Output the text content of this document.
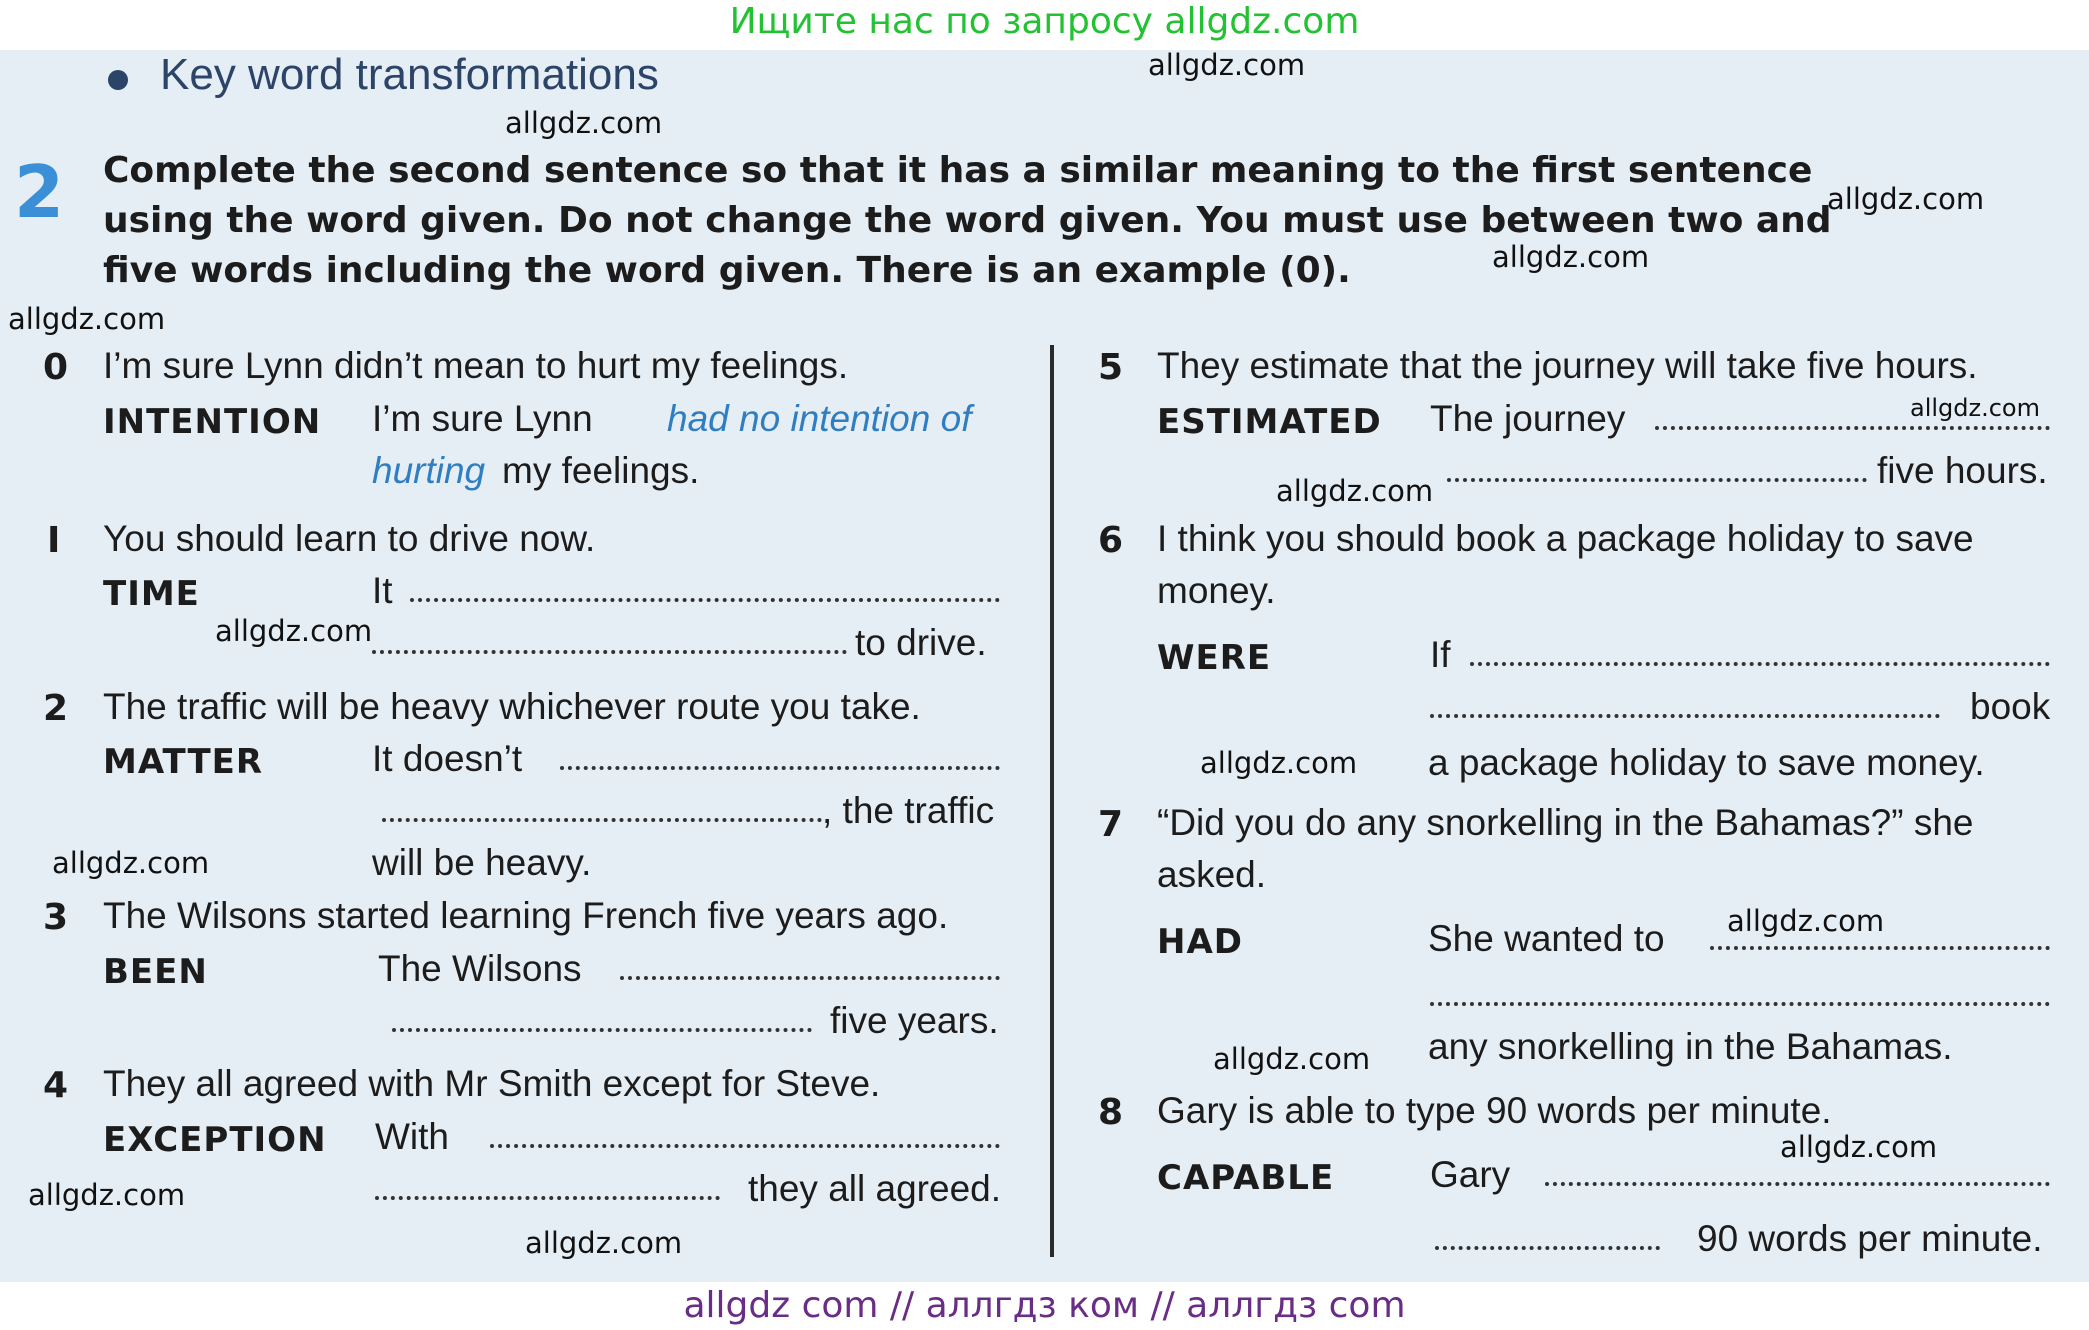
Ищите нас по запросу allgdz.com
Key word transformations
2 Complete the second sentence so that it has a similar meaning to the first sentence
using the word given. Do not change the word given. You must use between two and
five words including the word given. There is an example (0).
0 I’m sure Lynn didn’t mean to hurt my feelings.
INTENTION I’m sure Lynn had no intention of
hurting my feelings.
I You should learn to drive now.
TIME	It
to drive.
2 The traffic will be heavy whichever route you take.
MATTER	It doesn’t
, the traffic
will be heavy.
3 The Wilsons started learning French five years ago.
BEEN	The Wilsons
five years.
4 They all agreed with Mr Smith except for Steve.
EXCEPTION With
they all agreed.
5 They estimate that the journey will take five hours.
ESTIMATED The journey
five hours.
6 I think you should book a package holiday to save
money.
WERE	If
book
a package holiday to save money.
7 “Did you do any snorkelling in the Bahamas?” she
asked.
HAD	She wanted to
any snorkelling in the Bahamas.
8 Gary is able to type 90 words per minute.
CAPABLE	Gary
90 words per minute.
allgdz.com
allgdz.com
allgdz.com
allgdz.com
allgdz.com
allgdz.com
allgdz.com
allgdz.com
allgdz.com
allgdz.com
allgdz.com
allgdz.com
allgdz.com
allgdz.com
allgdz.com
allgdz com // аллгдз ком // аллгдз com
